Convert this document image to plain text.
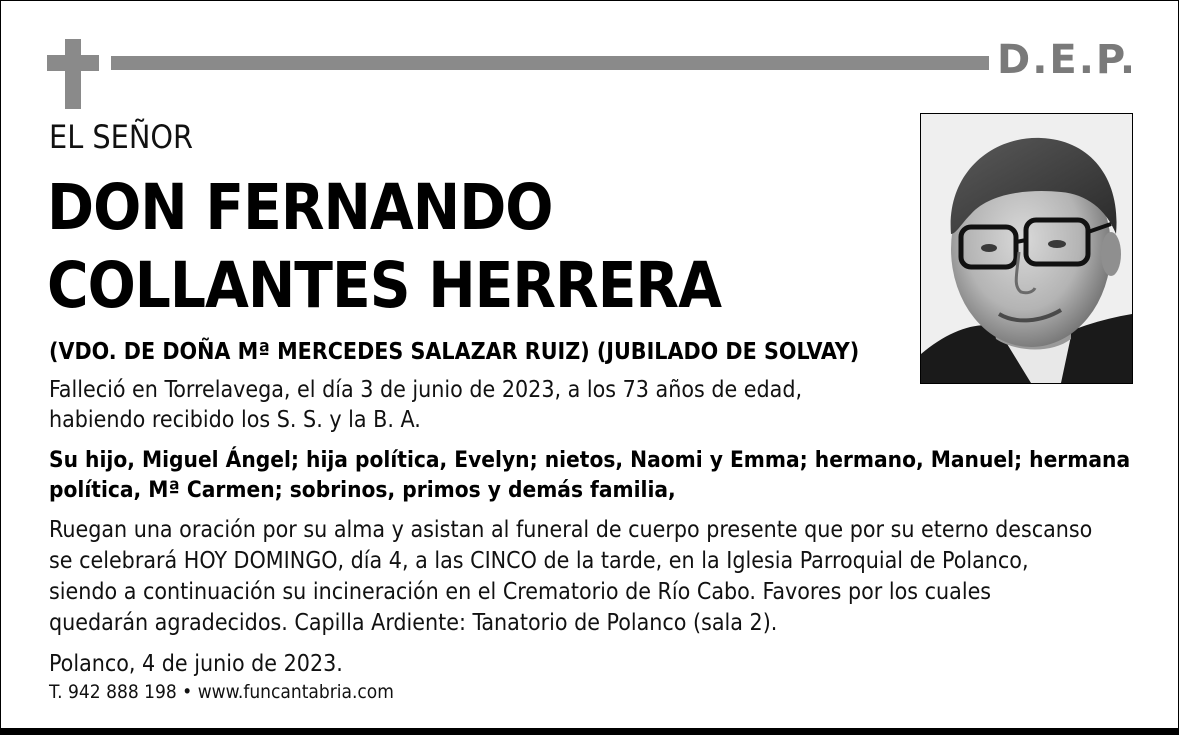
D.E.P.
EL SEÑOR
DON FERNANDO
COLLANTES HERRERA
(VDO. DE DOÑA Mª MERCEDES SALAZAR RUIZ) (JUBILADO DE SOLVAY)
Falleció en Torrelavega, el día 3 de junio de 2023, a los 73 años de edad,
habiendo recibido los S. S. y la B. A.
Su hijo, Miguel Ángel; hija política, Evelyn; nietos, Naomi y Emma; hermano, Manuel; hermana
política, Mª Carmen; sobrinos, primos y demás familia,
Ruegan una oración por su alma y asistan al funeral de cuerpo presente que por su eterno descanso
se celebrará HOY DOMINGO, día 4, a las CINCO de la tarde, en la Iglesia Parroquial de Polanco,
siendo a continuación su incineración en el Crematorio de Río Cabo. Favores por los cuales
quedarán agradecidos. Capilla Ardiente: Tanatorio de Polanco (sala 2).
Polanco, 4 de junio de 2023.
T. 942 888 198 • www.funcantabria.com
